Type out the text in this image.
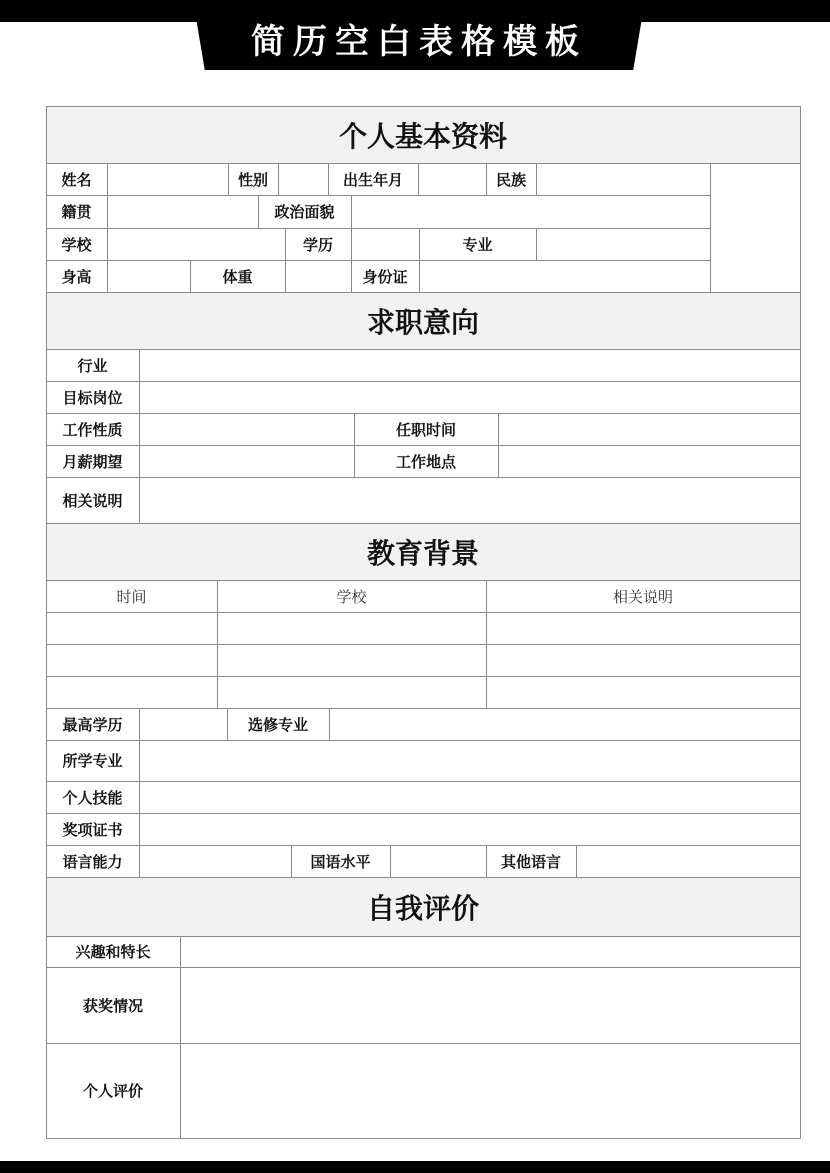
简历空白表格模板
个人基本资料
姓名	性别	出生年月	民族
籍贯	政治面貌
学校	学历	专业
身高	体重	身份证
求职意向
行业
目标岗位
工作性质	任职时间
月薪期望	工作地点
相关说明
教育背景
时间	学校	相关说明
最高学历	选修专业
所学专业
个人技能
奖项证书
语言能力	国语水平	其他语言
自我评价
兴趣和特长
获奖情况
个人评价
